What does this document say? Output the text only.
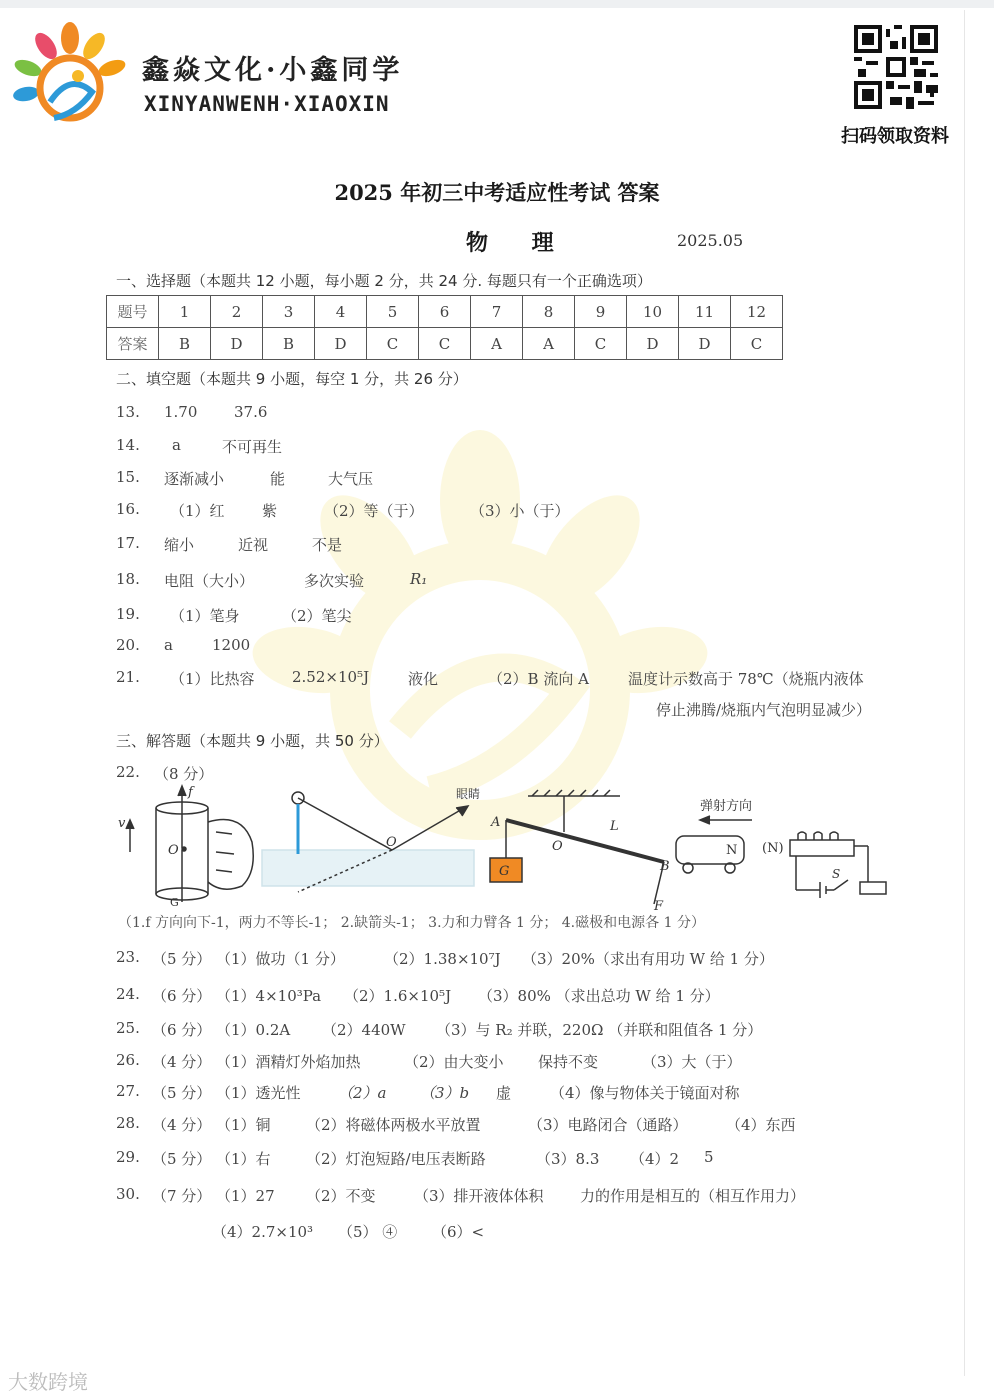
鑫焱文化·小鑫同学
XINYANWENH·XIAOXIN
扫码领取资料
2025 年初三中考适应性考试 答案
物 理	2025.05
一、选择题（本题共 12 小题，每小题 2 分，共 24 分. 每题只有一个正确选项）
题号	1	2	3	4	5	6	7	8	9	10	11	12
答案	B	D	B	D	C	C	A	A	C	D	D	C
二、填空题（本题共 9 小题，每空 1 分，共 26 分）
13. 1.70 37.6
14. a	不可再生
15. 逐渐减小	能	大气压
16. （1）红 紫	（2）等（于）	（3）小（于）
17. 缩小	近视	不是
18. 电阻（大小）	多次实验	R₁
19. （1）笔身	（2）笔尖
20. a	1200
21. （1）比热容 2.52×10⁵J	液化	（2）B 流向 A	温度计示数高于 78℃（烧瓶内液体
停止沸腾/烧瓶内气泡明显减少）
三、解答题（本题共 9 小题，共 50 分）
22. （8 分）
v
f
O
G
眼睛
O
G
A
O
L
B
F
弹射方向
N (N)
S
（1.f 方向向下-1，两力不等长-1； 2.缺箭头-1； 3.力和力臂各 1 分； 4.磁极和电源各 1 分）
23. （5 分） （1）做功（1 分）	（2）1.38×10⁷J （3）20%（求出有用功 W 给 1 分）
24. （6 分） （1）4×10³Pa （2）1.6×10⁵J （3）80% （求出总功 W 给 1 分）
25. （6 分） （1）0.2A （2）440W （3）与 R₂ 并联，220Ω （并联和阻值各 1 分）
26. （4 分） （1）酒精灯外焰加热	（2）由大变小 保持不变	（3）大（于）
27. （5 分） （1）透光性 （2）a （3）b 虚	（4）像与物体关于镜面对称
28. （4 分） （1）铜 （2）将磁体两极水平放置	（3）电路闭合（通路）	（4）东西
29. （5 分） （1）右 （2）灯泡短路/电压表断路	（3）8.3 （4）2 5
30. （7 分） （1）27 （2）不变	（3）排开液体体积 力的作用是相互的（相互作用力）
（4）2.7×10³ （5） ④ （6）<
大数跨境
